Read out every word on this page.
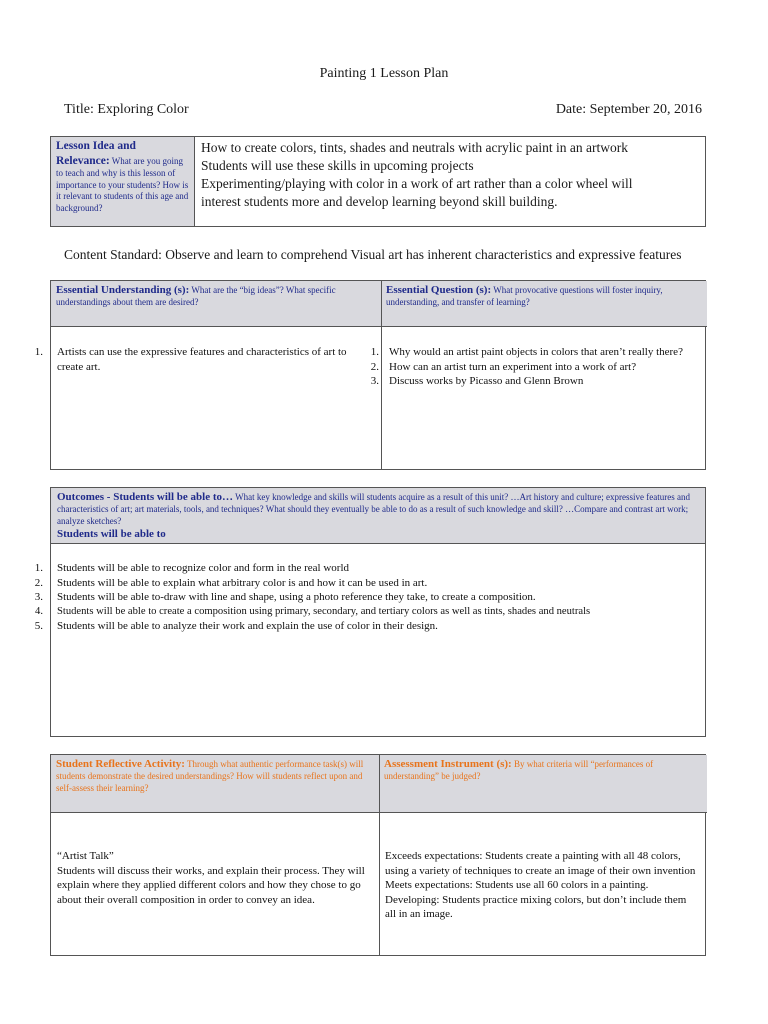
Painting 1 Lesson Plan
Title: Exploring Color	Date: September 20, 2016
Lesson Idea and Relevance: What are you going to teach and why is this lesson of importance to your students? How is it relevant to students of this age and background?
How to create colors, tints, shades and neutrals with acrylic paint in an artwork
Students will use these skills in upcoming projects
Experimenting/playing with color in a work of art rather than a color wheel will
interest students more and develop learning beyond skill building.
Content Standard: Observe and learn to comprehend Visual art has inherent characteristics and expressive features
Essential Understanding (s): What are the “big ideas”? What specific understandings about them are desired?
Essential Question (s): What provocative questions will foster inquiry, understanding, and transfer of learning?
1. Artists can use the expressive features and characteristics of art to create art.
1. Why would an artist paint objects in colors that aren’t really there?
2. How can an artist turn an experiment into a work of art?
3. Discuss works by Picasso and Glenn Brown
Outcomes - Students will be able to… What key knowledge and skills will students acquire as a result of this unit? …Art history and culture; expressive features and characteristics of art; art materials, tools, and techniques? What should they eventually be able to do as a result of such knowledge and skill? …Compare and contrast art work; analyze sketches?
Students will be able to
1. Students will be able to recognize color and form in the real world
2. Students will be able to explain what arbitrary color is and how it can be used in art.
3. Students will be able to-draw with line and shape, using a photo reference they take, to create a composition.
4. Students will be able to create a composition using primary, secondary, and tertiary colors as well as tints, shades and neutrals
5. Students will be able to analyze their work and explain the use of color in their design.
Student Reflective Activity: Through what authentic performance task(s) will students demonstrate the desired understandings? How will students reflect upon and self-assess their learning?
Assessment Instrument (s): By what criteria will “performances of understanding” be judged?
“Artist Talk”
Students will discuss their works, and explain their process. They will explain where they applied different colors and how they chose to go about their overall composition in order to convey an idea.
Exceeds expectations: Students create a painting with all 48 colors, using a variety of techniques to create an image of their own invention
Meets expectations: Students use all 60 colors in a painting.
Developing: Students practice mixing colors, but don’t include them all in an image.
